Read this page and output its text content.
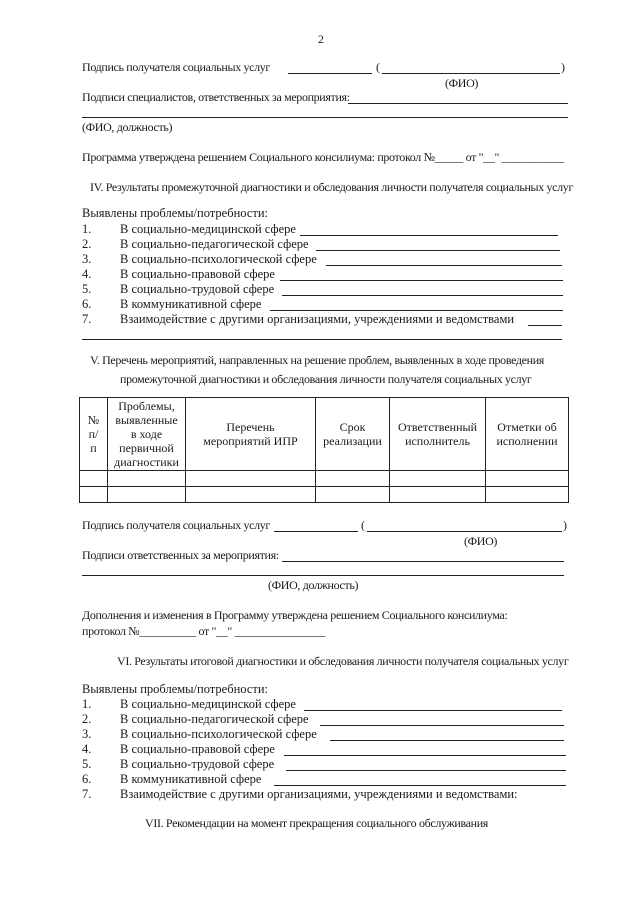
2
Подпись получателя социальных услуг	(	)
(ФИО)
Подписи специалистов, ответственных за мероприятия:
(ФИО, должность)
Программа утверждена решением Социального консилиума: протокол №_____ от "__" ___________
IV. Результаты промежуточной диагностики и обследования личности получателя социальных услуг
Выявлены проблемы/потребности:
1. В социально-медицинской сфере
2. В социально-педагогической сфере
3. В социально-психологической сфере
4. В социально-правовой сфере
5. В социально-трудовой сфере
6. В коммуникативной сфере
7. Взаимодействие с другими организациями, учреждениями и ведомствами
V. Перечень мероприятий, направленных на решение проблем, выявленных в ходе проведения
промежуточной диагностики и обследования личности получателя социальных услуг
№ п/п	Проблемы, выявленные в ходе первичной диагностики	Перечень мероприятий ИПР	Срок реализации	Ответственный исполнитель	Отметки об исполнении

Подпись получателя социальных услуг	(	)
(ФИО)
Подписи ответственных за мероприятия:
(ФИО, должность)
Дополнения и изменения в Программу утверждена решением Социального консилиума:
протокол №__________ от "__" ________________
VI. Результаты итоговой диагностики и обследования личности получателя социальных услуг
Выявлены проблемы/потребности:
1. В социально-медицинской сфере
2. В социально-педагогической сфере
3. В социально-психологической сфере
4. В социально-правовой сфере
5. В социально-трудовой сфере
6. В коммуникативной сфере
7. Взаимодействие с другими организациями, учреждениями и ведомствами:
VII. Рекомендации на момент прекращения социального обслуживания
